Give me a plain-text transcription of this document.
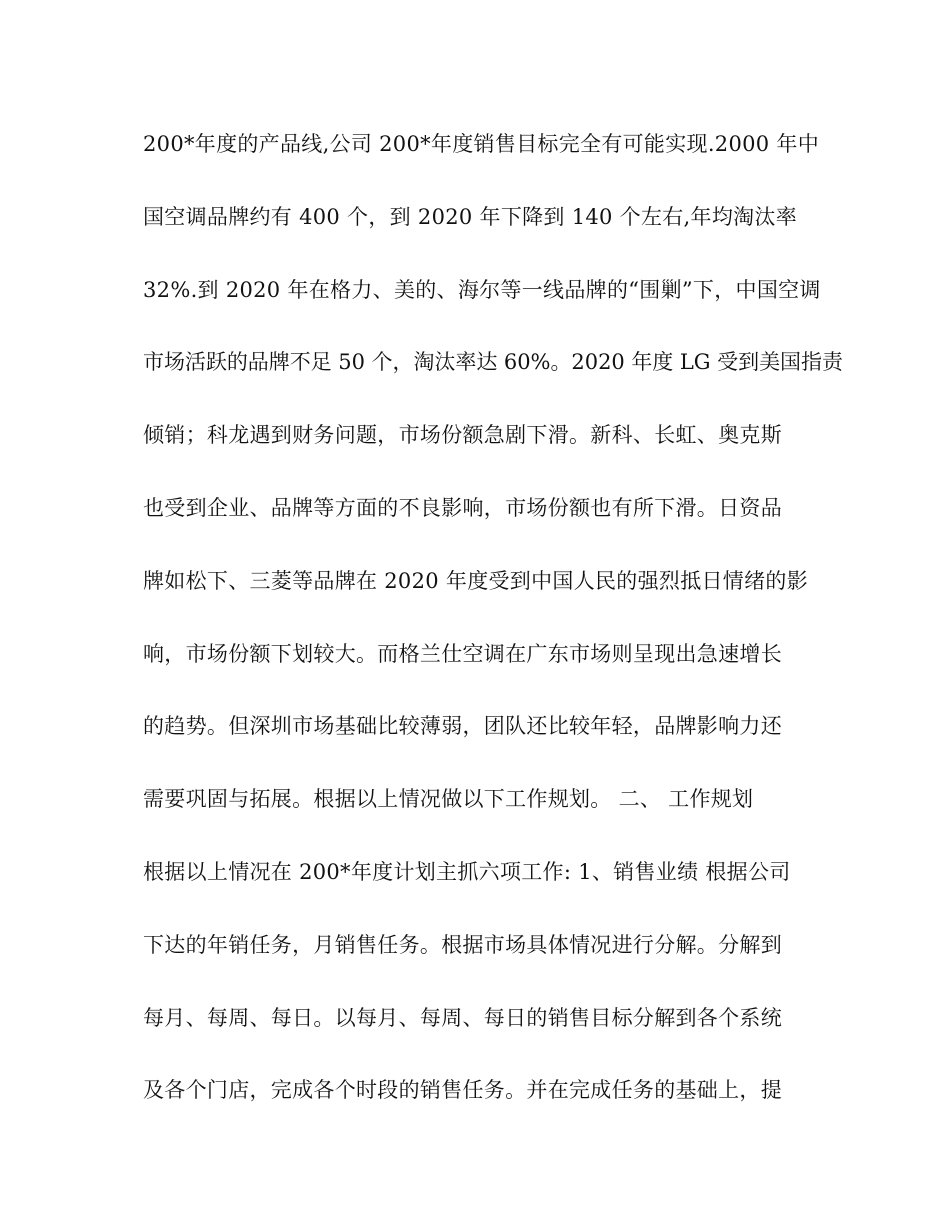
200*年度的产品线,公司 200*年度销售目标完全有可能实现.2000 年中
国空调品牌约有 400 个，到 2020 年下降到 140 个左右,年均淘汰率
32%.到 2020 年在格力、美的、海尔等一线品牌的“围剿”下，中国空调
市场活跃的品牌不足 50 个，淘汰率达 60%。2020 年度 LG 受到美国指责
倾销；科龙遇到财务问题，市场份额急剧下滑。新科、长虹、奥克斯
也受到企业、品牌等方面的不良影响，市场份额也有所下滑。日资品
牌如松下、三菱等品牌在 2020 年度受到中国人民的强烈抵日情绪的影
响，市场份额下划较大。而格兰仕空调在广东市场则呈现出急速增长
的趋势。但深圳市场基础比较薄弱，团队还比较年轻，品牌影响力还
需要巩固与拓展。根据以上情况做以下工作规划。 二、 工作规划
根据以上情况在 200*年度计划主抓六项工作: 1、销售业绩 根据公司
下达的年销任务，月销售任务。根据市场具体情况进行分解。分解到
每月、每周、每日。以每月、每周、每日的销售目标分解到各个系统
及各个门店，完成各个时段的销售任务。并在完成任务的基础上，提
